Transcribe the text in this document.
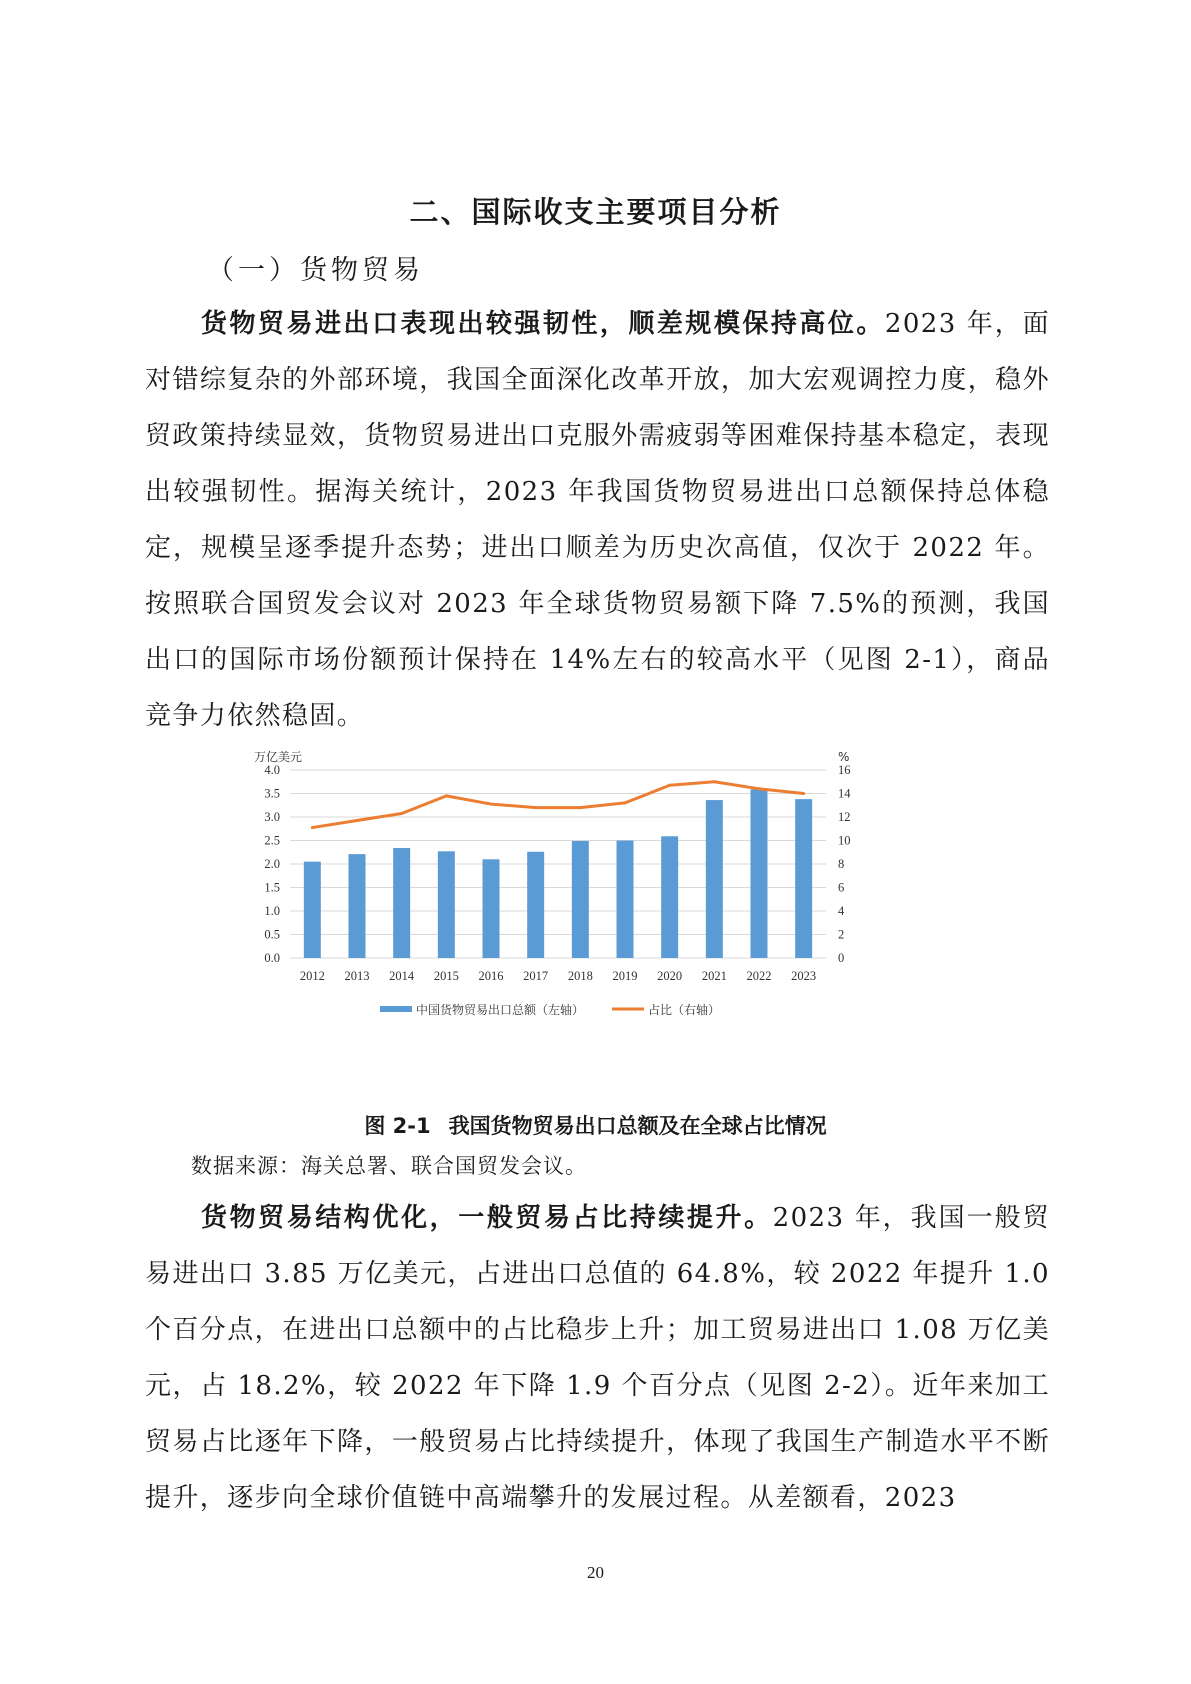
二、国际收支主要项目分析
（一）货物贸易

货物贸易进出口表现出较强韧性，顺差规模保持高位。2023 年，面对错综复杂的外部环境，我国全面深化改革开放，加大宏观调控力度，稳外贸政策持续显效，货物贸易进出口克服外需疲弱等困难保持基本稳定，表现出较强韧性。据海关统计，2023 年我国货物贸易进出口总额保持总体稳定，规模呈逐季提升态势；进出口顺差为历史次高值，仅次于 2022 年。按照联合国贸发会议对 2023 年全球货物贸易额下降 7.5%的预测，我国出口的国际市场份额预计保持在 14%左右的较高水平（见图 2-1），商品竞争力依然稳固。

万亿美元	%
2012 2013 2014 2015 2016 2017 2018 2019 2020 2021 2022 2023
0.0
0.5
1.0
1.5
2.0
2.5
3.0
3.5
4.0
0
2
4
6
8
10
12
14
16
中国货物贸易出口总额（左轴）	占比（右轴）
图 2-1 我国货物贸易出口总额及在全球占比情况
数据来源：海关总署、联合国贸发会议。

货物贸易结构优化，一般贸易占比持续提升。2023 年，我国一般贸易进出口 3.85 万亿美元，占进出口总值的 64.8%，较 2022 年提升 1.0 个百分点，在进出口总额中的占比稳步上升；加工贸易进出口 1.08 万亿美元，占 18.2%，较 2022 年下降 1.9 个百分点（见图 2-2）。近年来加工贸易占比逐年下降，一般贸易占比持续提升，体现了我国生产制造水平不断提升，逐步向全球价值链中高端攀升的发展过程。从差额看，2023

20
